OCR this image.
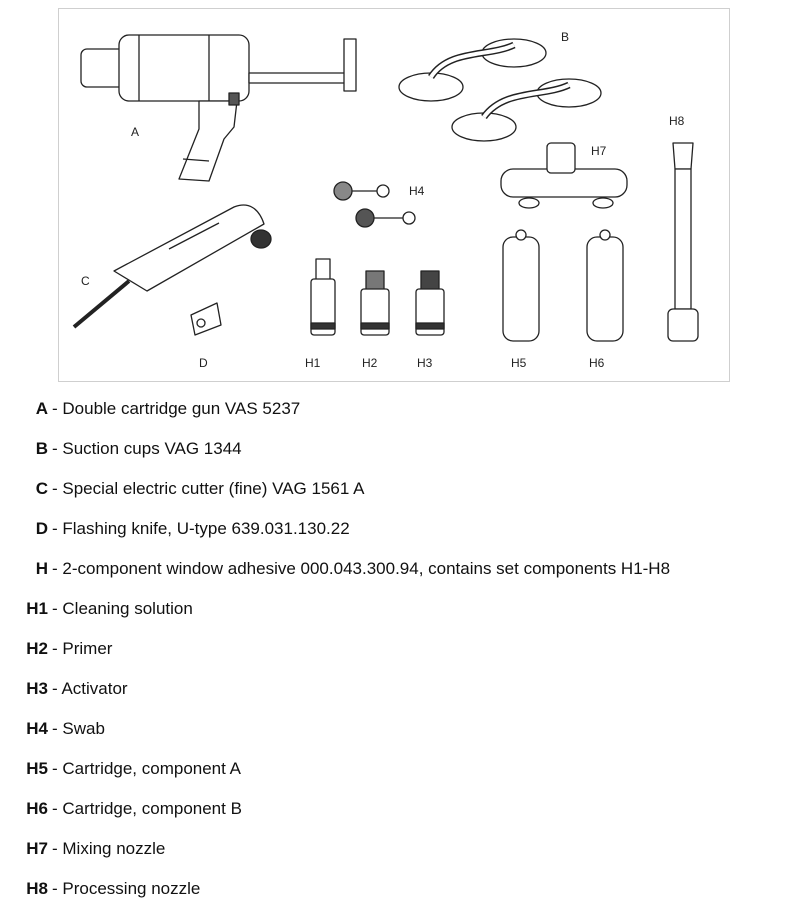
A
B
C
D	H1	H2	H3
H4
H5	H6
H7
H8
A - Double cartridge gun VAS 5237
B - Suction cups VAG 1344
C - Special electric cutter (fine) VAG 1561 A
D - Flashing knife, U-type 639.031.130.22
H - 2-component window adhesive 000.043.300.94, contains set components H1-H8
H1 - Cleaning solution
H2 - Primer
H3 - Activator
H4 - Swab
H5 - Cartridge, component A
H6 - Cartridge, component B
H7 - Mixing nozzle
H8 - Processing nozzle
